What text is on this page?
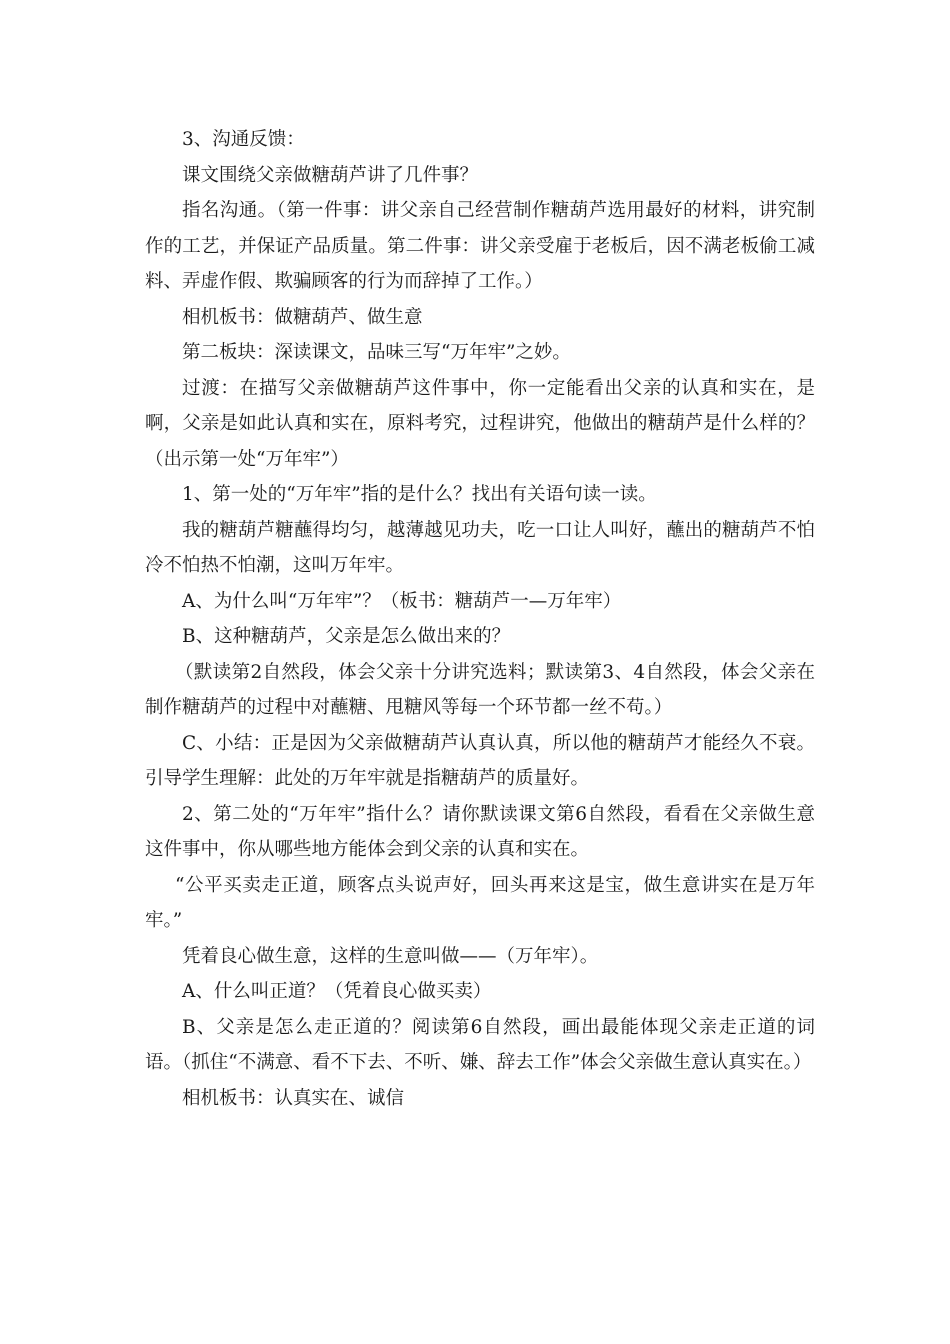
3、沟通反馈：

课文围绕父亲做糖葫芦讲了几件事？

指名沟通。（第一件事：讲父亲自己经营制作糖葫芦选用最好的材料，讲究制作的工艺，并保证产品质量。第二件事：讲父亲受雇于老板后，因不满老板偷工减料、弄虚作假、欺骗顾客的行为而辞掉了工作。）

相机板书：做糖葫芦、做生意

第二板块：深读课文，品味三写“万年牢”之妙。

过渡：在描写父亲做糖葫芦这件事中，你一定能看出父亲的认真和实在，是啊，父亲是如此认真和实在，原料考究，过程讲究，他做出的糖葫芦是什么样的？（出示第一处“万年牢”）

1、第一处的“万年牢”指的是什么？找出有关语句读一读。

我的糖葫芦糖蘸得均匀，越薄越见功夫，吃一口让人叫好，蘸出的糖葫芦不怕冷不怕热不怕潮，这叫万年牢。

A、为什么叫“万年牢”？（板书：糖葫芦一—万年牢）

B、这种糖葫芦，父亲是怎么做出来的？

（默读第2自然段，体会父亲十分讲究选料；默读第3、4自然段，体会父亲在制作糖葫芦的过程中对蘸糖、甩糖风等每一个环节都一丝不苟。）

C、小结：正是因为父亲做糖葫芦认真认真，所以他的糖葫芦才能经久不衰。引导学生理解：此处的万年牢就是指糖葫芦的质量好。

2、第二处的“万年牢”指什么？请你默读课文第6自然段，看看在父亲做生意这件事中，你从哪些地方能体会到父亲的认真和实在。

“公平买卖走正道，顾客点头说声好，回头再来这是宝，做生意讲实在是万年牢。”

凭着良心做生意，这样的生意叫做——（万年牢）。

A、什么叫正道？（凭着良心做买卖）

B、父亲是怎么走正道的？阅读第6自然段，画出最能体现父亲走正道的词语。（抓住“不满意、看不下去、不听、嫌、辞去工作”体会父亲做生意认真实在。）

相机板书：认真实在、诚信
